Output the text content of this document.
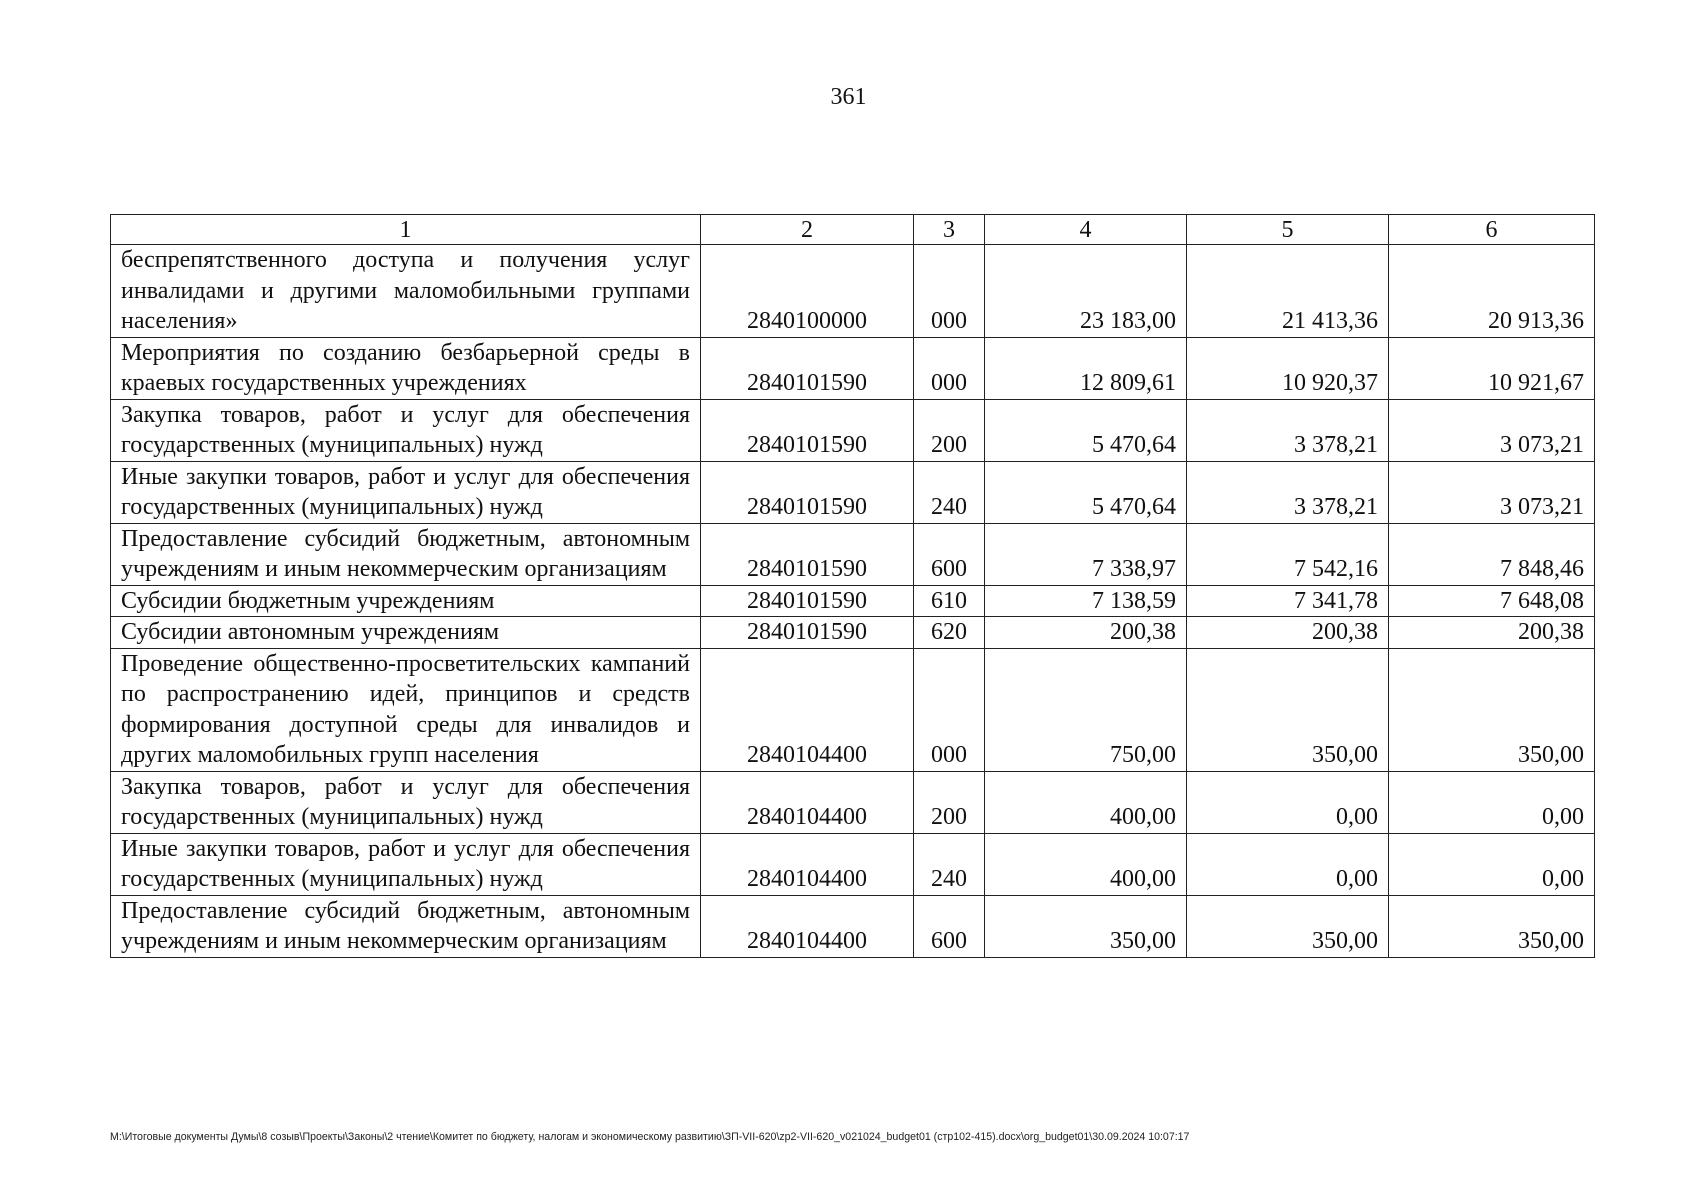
361
1	2	3	4	5	6
беспрепятственного доступа и получения услуг инвалидами и другими маломобильными группами населения»	2840100000	000	23 183,00	21 413,36	20 913,36
Мероприятия по созданию безбарьерной среды в краевых государственных учреждениях	2840101590	000	12 809,61	10 920,37	10 921,67
Закупка товаров, работ и услуг для обеспечения государственных (муниципальных) нужд	2840101590	200	5 470,64	3 378,21	3 073,21
Иные закупки товаров, работ и услуг для обеспечения государственных (муниципальных) нужд	2840101590	240	5 470,64	3 378,21	3 073,21
Предоставление субсидий бюджетным, автономным учреждениям и иным некоммерческим организациям	2840101590	600	7 338,97	7 542,16	7 848,46
Субсидии бюджетным учреждениям	2840101590	610	7 138,59	7 341,78	7 648,08
Субсидии автономным учреждениям	2840101590	620	200,38	200,38	200,38
Проведение общественно-просветительских кампаний по распространению идей, принципов и средств формирования доступной среды для инвалидов и других маломобильных групп населения	2840104400	000	750,00	350,00	350,00
Закупка товаров, работ и услуг для обеспечения государственных (муниципальных) нужд	2840104400	200	400,00	0,00	0,00
Иные закупки товаров, работ и услуг для обеспечения государственных (муниципальных) нужд	2840104400	240	400,00	0,00	0,00
Предоставление субсидий бюджетным, автономным учреждениям и иным некоммерческим организациям	2840104400	600	350,00	350,00	350,00
M:\Итоговые документы Думы\8 созыв\Проекты\Законы\2 чтение\Комитет по бюджету, налогам и экономическому развитию\ЗП-VII-620\zp2-VII-620_v021024_budget01 (стр102-415).docx\org_budget01\30.09.2024 10:07:17
